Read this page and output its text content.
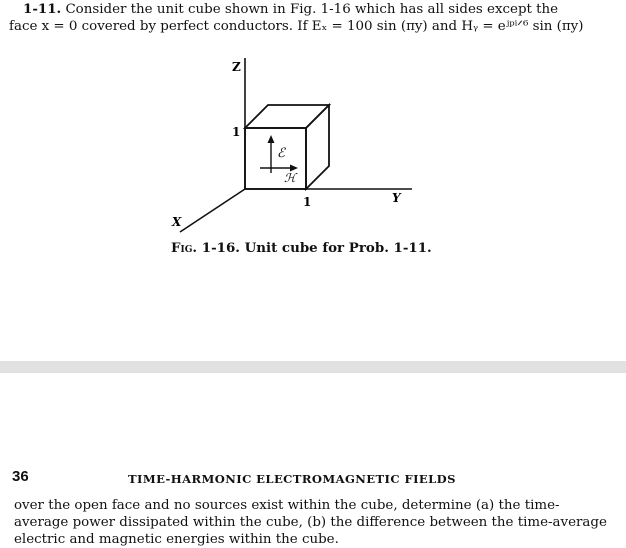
1-11. Consider the unit cube shown in Fig. 1-16 which has all sides except the
face x = 0 covered by perfect conductors. If Eₓ = 100 sin (πy) and Hᵧ = eʲᵖⁱᐟ⁶ sin (πy)
Z
1
1	Y
X
ℰ
ℋ
Fig. 1-16. Unit cube for Prob. 1-11.
36	TIME-HARMONIC ELECTROMAGNETIC FIELDS
over the open face and no sources exist within the cube, determine (a) the time-
average power dissipated within the cube, (b) the difference between the time-average
electric and magnetic energies within the cube.
